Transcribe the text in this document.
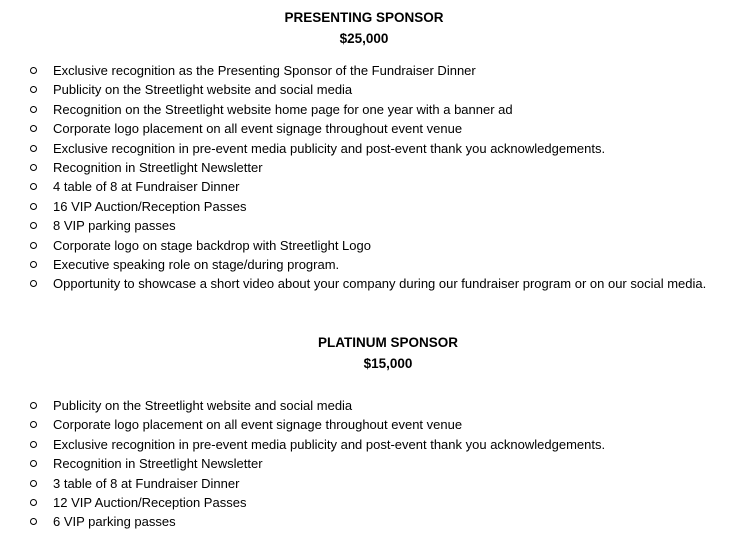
PRESENTING SPONSOR
$25,000
Exclusive recognition as the Presenting Sponsor of the Fundraiser Dinner
Publicity on the Streetlight website and social media
Recognition on the Streetlight website home page for one year with a banner ad
Corporate logo placement on all event signage throughout event venue
Exclusive recognition in pre-event media publicity and post-event thank you acknowledgements.
Recognition in Streetlight Newsletter
4 table of 8 at Fundraiser Dinner
16 VIP Auction/Reception Passes
8 VIP parking passes
Corporate logo on stage backdrop with Streetlight Logo
Executive speaking role on stage/during program.
Opportunity to showcase a short video about your company during our fundraiser program or on our social media.
PLATINUM SPONSOR
$15,000
Publicity on the Streetlight website and social media
Corporate logo placement on all event signage throughout event venue
Exclusive recognition in pre-event media publicity and post-event thank you acknowledgements.
Recognition in Streetlight Newsletter
3 table of 8 at Fundraiser Dinner
12 VIP Auction/Reception Passes
6 VIP parking passes
